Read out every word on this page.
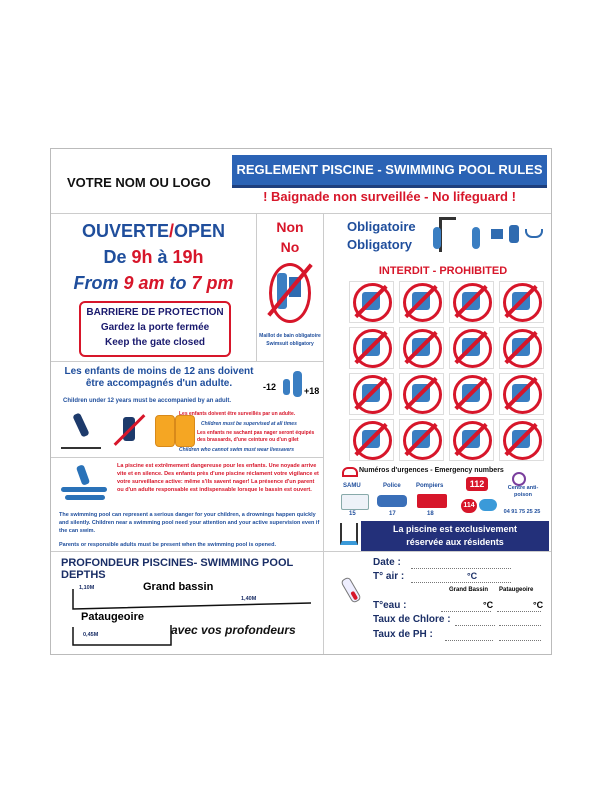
VOTRE NOM OU LOGO
REGLEMENT PISCINE - SWIMMING POOL RULES
! Baignade non surveillée - No lifeguard !
OUVERTE/OPEN
De 9h à 19h
From 9 am to 7 pm
BARRIERE DE PROTECTION
Gardez la porte fermée
Keep the gate closed
Non
No
Maillot de bain obligatoire
Swimsuit obligatory
Obligatoire
Obligatory
INTERDIT - PROHIBITED
Les enfants de moins de 12 ans doivent être accompagnés d'un adulte.	-12	+18
Children under 12 years must be accompanied by an adult.
Les enfants doivent être surveillés par un adulte.
Children must be supervised at all times
Les enfants ne sachant pas nager seront équipés des brassards, d'une ceinture ou d'un gilet
Children who cannot swim must wear livesavers
La piscine est extrêmement dangereuse pour les enfants. Une noyade arrive vite et en silence. Des enfants près d'une piscine réclament votre vigilance et votre surveillance active: même s'ils savent nager! La présence d'un parent ou d'un adulte responsable est indispensable lorsque le bassin est ouvert.
The swimming pool can represent a serious danger for your children, a drownings happen quickly and silently. Children near a swimming pool need your attention and your active supervision even if the can swim.
Parents or responsible adults must be present when the swimming pool is opened.
Numéros d'urgences - Emergency numbers
SAMU
15
Police
17
Pompiers
18
112
114
Centre anti-poison
04 91 75 25 25
La piscine est exclusivement
réservée aux résidents
PROFONDEUR PISCINES- SWIMMING POOL DEPTHS
1,10M	Grand bassin
1,40M
Pataugeoire
0,45M	avec vos profondeurs
Date :
T° air :	°C
Grand Bassin Pataugeoire
T°eau :	°C	°C
Taux de Chlore :
Taux de PH :
